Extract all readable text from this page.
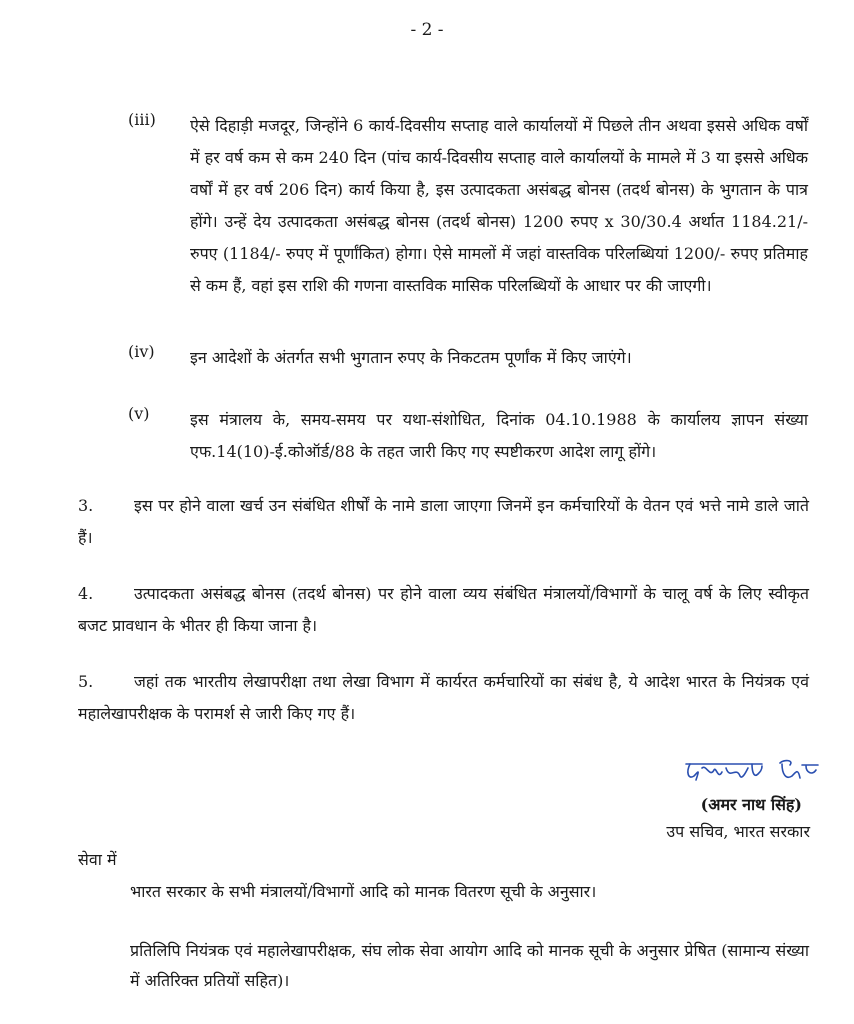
- 2 -
(iii) ऐसे दिहाड़ी मजदूर, जिन्होंने 6 कार्य-दिवसीय सप्ताह वाले कार्यालयों में पिछले तीन अथवा इससे अधिक वर्षों में हर वर्ष कम से कम 240 दिन (पांच कार्य-दिवसीय सप्ताह वाले कार्यालयों के मामले में 3 या इससे अधिक वर्षों में हर वर्ष 206 दिन) कार्य किया है, इस उत्पादकता असंबद्ध बोनस (तदर्थ बोनस) के भुगतान के पात्र होंगे। उन्हें देय उत्पादकता असंबद्ध बोनस (तदर्थ बोनस) 1200 रुपए x 30/30.4 अर्थात 1184.21/- रुपए (1184/- रुपए में पूर्णांकित) होगा। ऐसे मामलों में जहां वास्तविक परिलब्धियां 1200/- रुपए प्रतिमाह से कम हैं, वहां इस राशि की गणना वास्तविक मासिक परिलब्धियों के आधार पर की जाएगी।
(iv) इन आदेशों के अंतर्गत सभी भुगतान रुपए के निकटतम पूर्णांक में किए जाएंगे।
(v)	इस मंत्रालय के, समय-समय पर यथा-संशोधित, दिनांक 04.10.1988 के कार्यालय ज्ञापन संख्या एफ.14(10)-ई.कोऑर्ड/88 के तहत जारी किए गए स्पष्टीकरण आदेश लागू होंगे।
3.	इस पर होने वाला खर्च उन संबंधित शीर्षों के नामे डाला जाएगा जिनमें इन कर्मचारियों के वेतन एवं भत्ते नामे डाले जाते हैं।
4.	उत्पादकता असंबद्ध बोनस (तदर्थ बोनस) पर होने वाला व्यय संबंधित मंत्रालयों/विभागों के चालू वर्ष के लिए स्वीकृत बजट प्रावधान के भीतर ही किया जाना है।
5.	जहां तक भारतीय लेखापरीक्षा तथा लेखा विभाग में कार्यरत कर्मचारियों का संबंध है, ये आदेश भारत के नियंत्रक एवं महालेखापरीक्षक के परामर्श से जारी किए गए हैं।
(अमर नाथ सिंह)
उप सचिव, भारत सरकार
सेवा में
भारत सरकार के सभी मंत्रालयों/विभागों आदि को मानक वितरण सूची के अनुसार।
प्रतिलिपि नियंत्रक एवं महालेखापरीक्षक, संघ लोक सेवा आयोग आदि को मानक सूची के अनुसार प्रेषित (सामान्य संख्या में अतिरिक्त प्रतियों सहित)।
